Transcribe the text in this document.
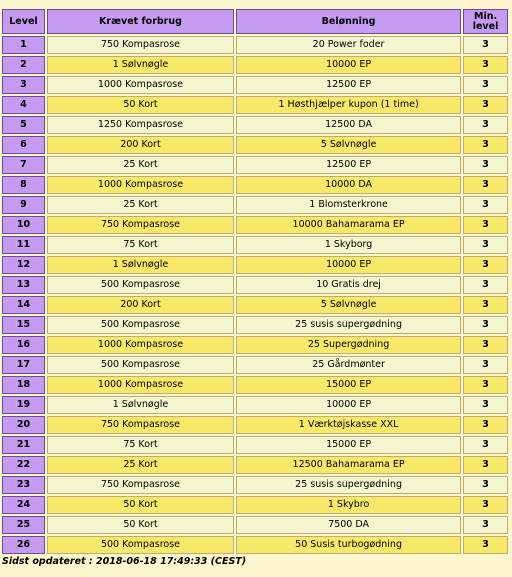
Level	Krævet forbrug	Belønning	Min. level
1	750 Kompasrose	20 Power foder	3
2	1 Sølvnøgle	10000 EP	3
3	1000 Kompasrose	12500 EP	3
4	50 Kort	1 Høsthjælper kupon (1 time)	3
5	1250 Kompasrose	12500 DA	3
6	200 Kort	5 Sølvnøgle	3
7	25 Kort	12500 EP	3
8	1000 Kompasrose	10000 DA	3
9	25 Kort	1 Blomsterkrone	3
10	750 Kompasrose	10000 Bahamarama EP	3
11	75 Kort	1 Skyborg	3
12	1 Sølvnøgle	10000 EP	3
13	500 Kompasrose	10 Gratis drej	3
14	200 Kort	5 Sølvnøgle	3
15	500 Kompasrose	25 susis supergødning	3
16	1000 Kompasrose	25 Supergødning	3
17	500 Kompasrose	25 Gårdmønter	3
18	1000 Kompasrose	15000 EP	3
19	1 Sølvnøgle	10000 EP	3
20	750 Kompasrose	1 Værktøjskasse XXL	3
21	75 Kort	15000 EP	3
22	25 Kort	12500 Bahamarama EP	3
23	750 Kompasrose	25 susis supergødning	3
24	50 Kort	1 Skybro	3
25	50 Kort	7500 DA	3
26	500 Kompasrose	50 Susis turbogødning	3
Sidst opdateret : 2018-06-18 17:49:33 (CEST)
